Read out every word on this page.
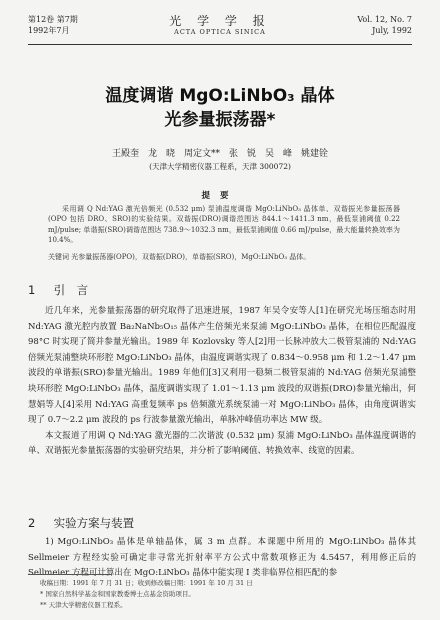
第12卷 第7期
1992年7月
光 学 学 报
ACTA OPTICA SINICA
Vol. 12, No. 7
July, 1992
温度调谐 MgO:LiNbO₃ 晶体
光参量振荡器*
王殿奎　龙　晓　周定文**　张　锐　吴　峰　姚建铨
(天津大学精密仪器工程系，天津 300072)
提要
采用调 Q Nd:YAG 激光倍频光 (0.532 μm) 泵浦温度调谐 MgO:LiNbO₃ 晶体单、双谐振光参量振荡器(OPO 包括 DRO、SRO)的实验结果。双谐振(DRO)调谐范围达 844.1～1411.3 nm，最低泵浦阈值 0.22 mJ/pulse; 单谐振(SRO)调谐范围达 738.9～1032.3 nm，最低泵浦阈值 0.66 mJ/pulse，最大能量转换效率为 10.4%。
关键词 光参量振荡器(OPO)，双谐振(DRO)，单谐振(SRO)，MgO:LiNbO₃ 晶体。
1 引　言

近几年来，光参量振荡器的研究取得了迅速进展，1987 年吴令安等人[1]在研究光场压缩态时用 Nd:YAG 激光腔内放置 Ba₂NaNb₅O₁₅ 晶体产生倍频光来泵浦 MgO:LiNbO₃ 晶体，在相位匹配温度 98°C 时实现了简并参量光输出。1989 年 Kozlovsky 等人[2]用一长脉冲放大二极管泵浦的 Nd:YAG 倍频光泵浦整块环形腔 MgO:LiNbO₃ 晶体，由温度调谐实现了 0.834～0.958 μm 和 1.2～1.47 μm 波段的单谐振(SRO)参量光输出。1989 年他们[3]又利用一稳频二极管泵浦的 Nd:YAG 倍频光泵浦整块环形腔 MgO:LiNbO₃ 晶体，温度调谐实现了 1.01～1.13 μm 波段的双谐振(DRO)参量光输出，何慧娟等人[4]采用 Nd:YAG 高重复频率 ps 倍频激光系统泵浦一对 MgO:LiNbO₃ 晶体，由角度调谐实现了 0.7～2.2 μm 波段的 ps 行波参量激光输出，单脉冲峰值功率达 MW 级。

本文报道了用调 Q Nd:YAG 激光器的二次谐波 (0.532 μm) 泵浦 MgO:LiNbO₃ 晶体温度调谐的单、双谐振光参量振荡器的实验研究结果，并分析了影响阈值、转换效率、线宽的因素。

2 实验方案与装置

1) MgO:LiNbO₃ 晶体是单轴晶体，属 3 m 点群。本课题中所用的 MgO:LiNbO₃ 晶体其 Sellmeier 方程经实验可确定非寻常光折射率平方公式中常数项修正为 4.5457，利用修正后的 Sellmeier 方程可计算出在 MgO:LiNbO₃ 晶体中能实现 I 类非临界位相匹配的参

收稿日期：1991 年 7 月 31 日；收到修改稿日期：1991 年 10 月 31 日
* 国家自然科学基金和国家教委博士点基金资助项目。
** 天津大学精密仪器工程系。
